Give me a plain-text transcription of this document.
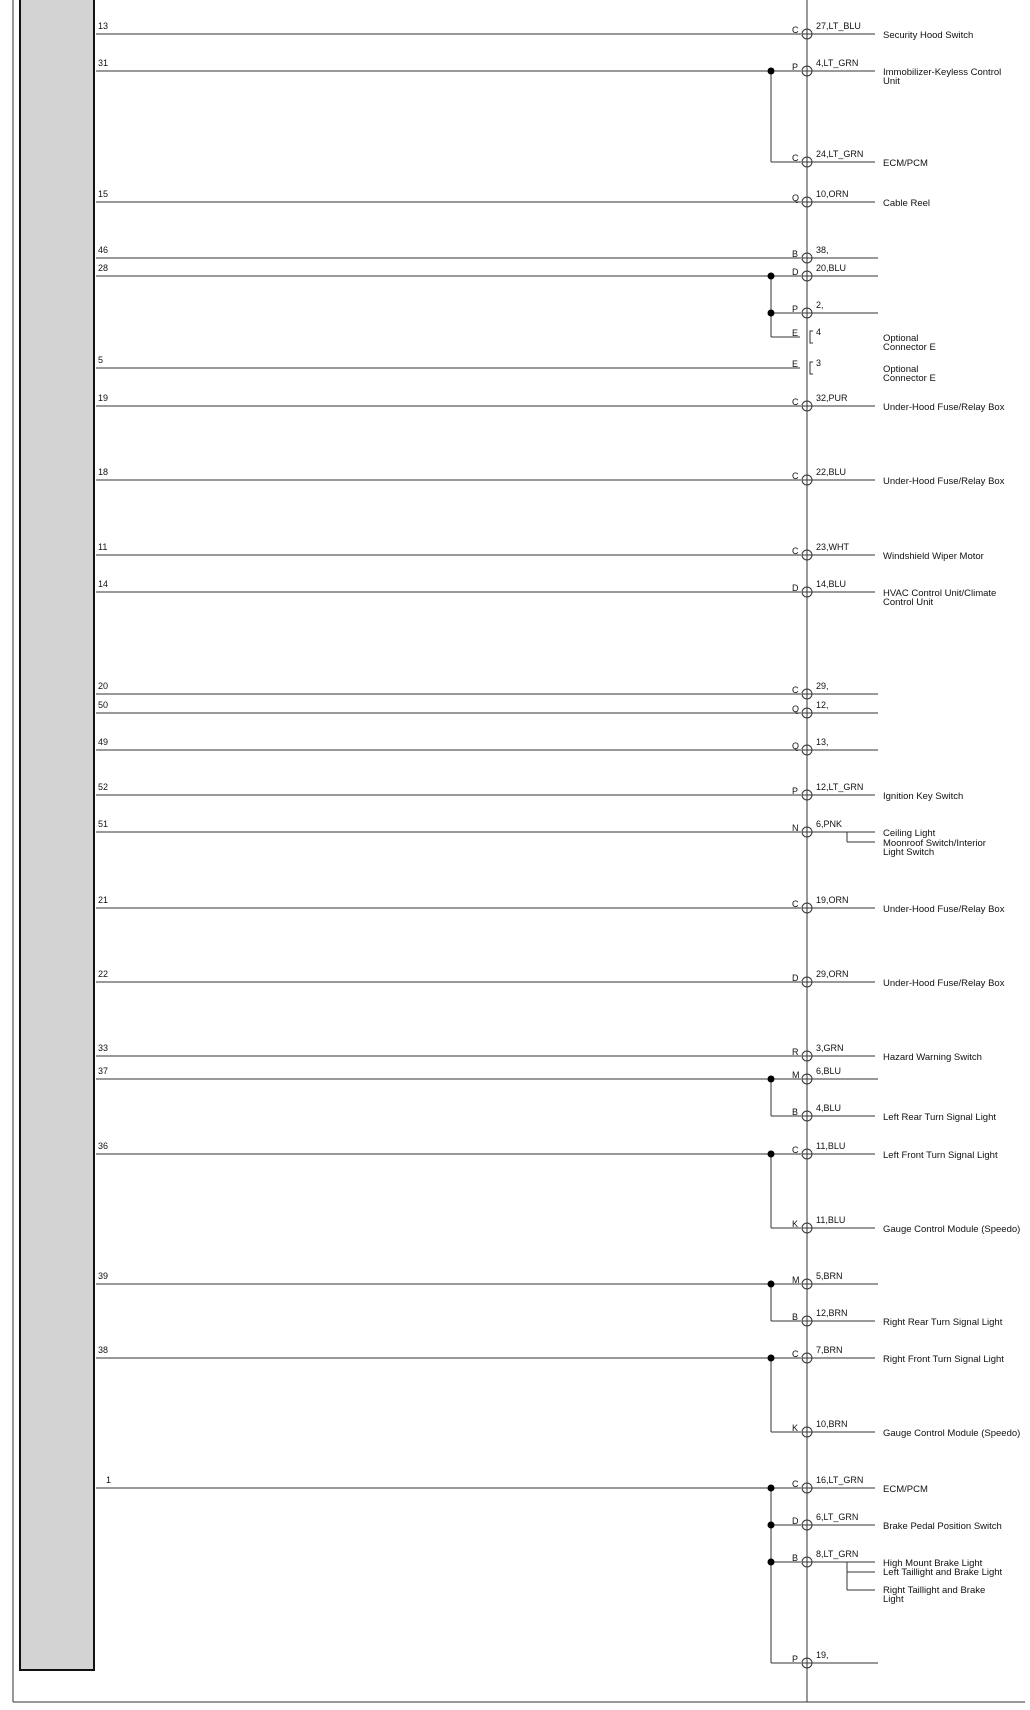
13	C 27,LT_BLU
Security Hood Switch
31	P 4,LT_GRN
Immobilizer-Keyless Control
Unit
C 24,LT_GRN
ECM/PCM
15	Q 10,ORN
Cable Reel
46	B 38,
28	D 20,BLU
P 2,
E 4
Optional
Connector E
5	E 3
Optional
Connector E
19	C 32,PUR
Under-Hood Fuse/Relay Box
18	C 22,BLU
Under-Hood Fuse/Relay Box
11	C 23,WHT
Windshield Wiper Motor
14	D 14,BLU
HVAC Control Unit/Climate
Control Unit
20	C 29,
50	Q 12,
49	Q 13,
52	P 12,LT_GRN
Ignition Key Switch
51	N 6,PNK
Ceiling Light
Moonroof Switch/Interior
Light Switch
21	C 19,ORN
Under-Hood Fuse/Relay Box
22	D 29,ORN
Under-Hood Fuse/Relay Box
33	R 3,GRN
Hazard Warning Switch
37	M 6,BLU
B 4,BLU
Left Rear Turn Signal Light
36	C 11,BLU
Left Front Turn Signal Light
K 11,BLU
Gauge Control Module (Speedo)
39	M 5,BRN
B 12,BRN
Right Rear Turn Signal Light
38	C 7,BRN
Right Front Turn Signal Light
K 10,BRN
Gauge Control Module (Speedo)
1	C 16,LT_GRN
ECM/PCM
D 6,LT_GRN
Brake Pedal Position Switch
B 8,LT_GRN
High Mount Brake Light
Left Taillight and Brake Light
Right Taillight and Brake
Light
P 19,
